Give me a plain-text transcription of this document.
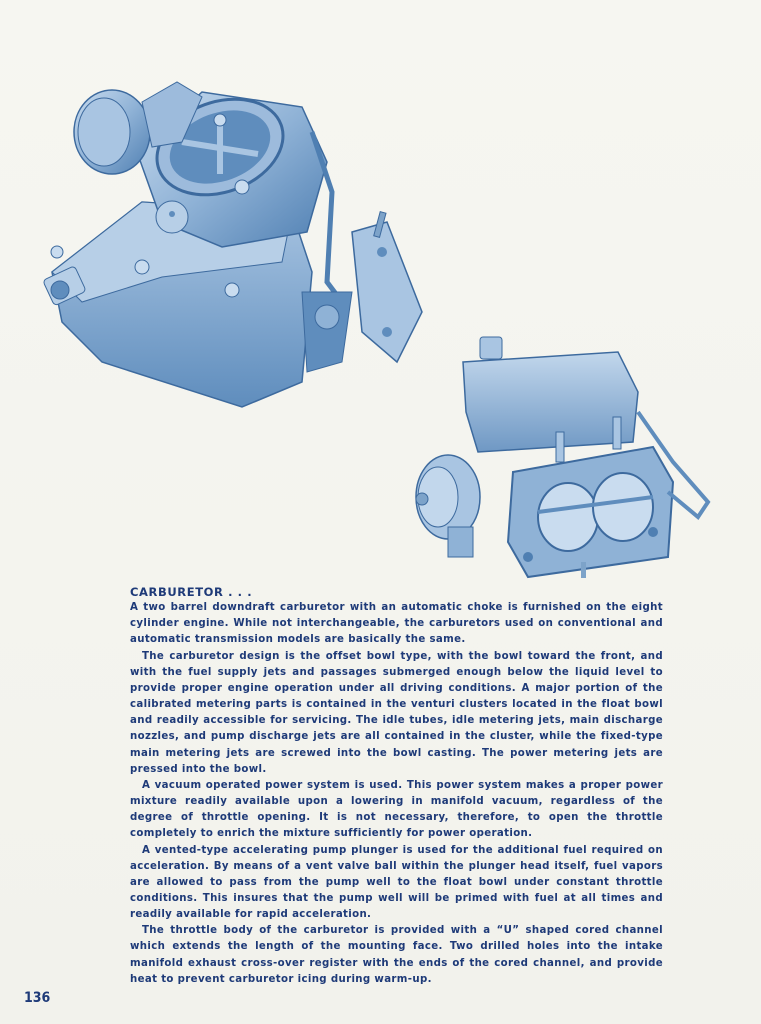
CARBURETOR . . .

A two barrel downdraft carburetor with an automatic choke is furnished on the eight cylinder engine. While not interchangeable, the carburetors used on conventional and automatic transmission models are basically the same.

The carburetor design is the offset bowl type, with the bowl toward the front, and with the fuel supply jets and passages submerged enough below the liquid level to provide proper engine operation under all driving conditions. A major portion of the calibrated metering parts is contained in the venturi clusters located in the float bowl and readily accessible for servicing. The idle tubes, idle metering jets, main discharge nozzles, and pump discharge jets are all contained in the cluster, while the fixed-type main metering jets are screwed into the bowl casting. The power metering jets are pressed into the bowl.

A vacuum operated power system is used. This power system makes a proper power mixture readily available upon a lowering in manifold vacuum, regardless of the degree of throttle opening. It is not necessary, therefore, to open the throttle completely to enrich the mixture sufficiently for power operation.

A vented-type accelerating pump plunger is used for the additional fuel required on acceleration. By means of a vent valve ball within the plunger head itself, fuel vapors are allowed to pass from the pump well to the float bowl under constant throttle conditions. This insures that the pump well will be primed with fuel at all times and readily available for rapid acceleration.

The throttle body of the carburetor is provided with a “U” shaped cored channel which extends the length of the mounting face. Two drilled holes into the intake manifold exhaust cross-over register with the ends of the cored channel, and provide heat to prevent carburetor icing during warm-up.

136
